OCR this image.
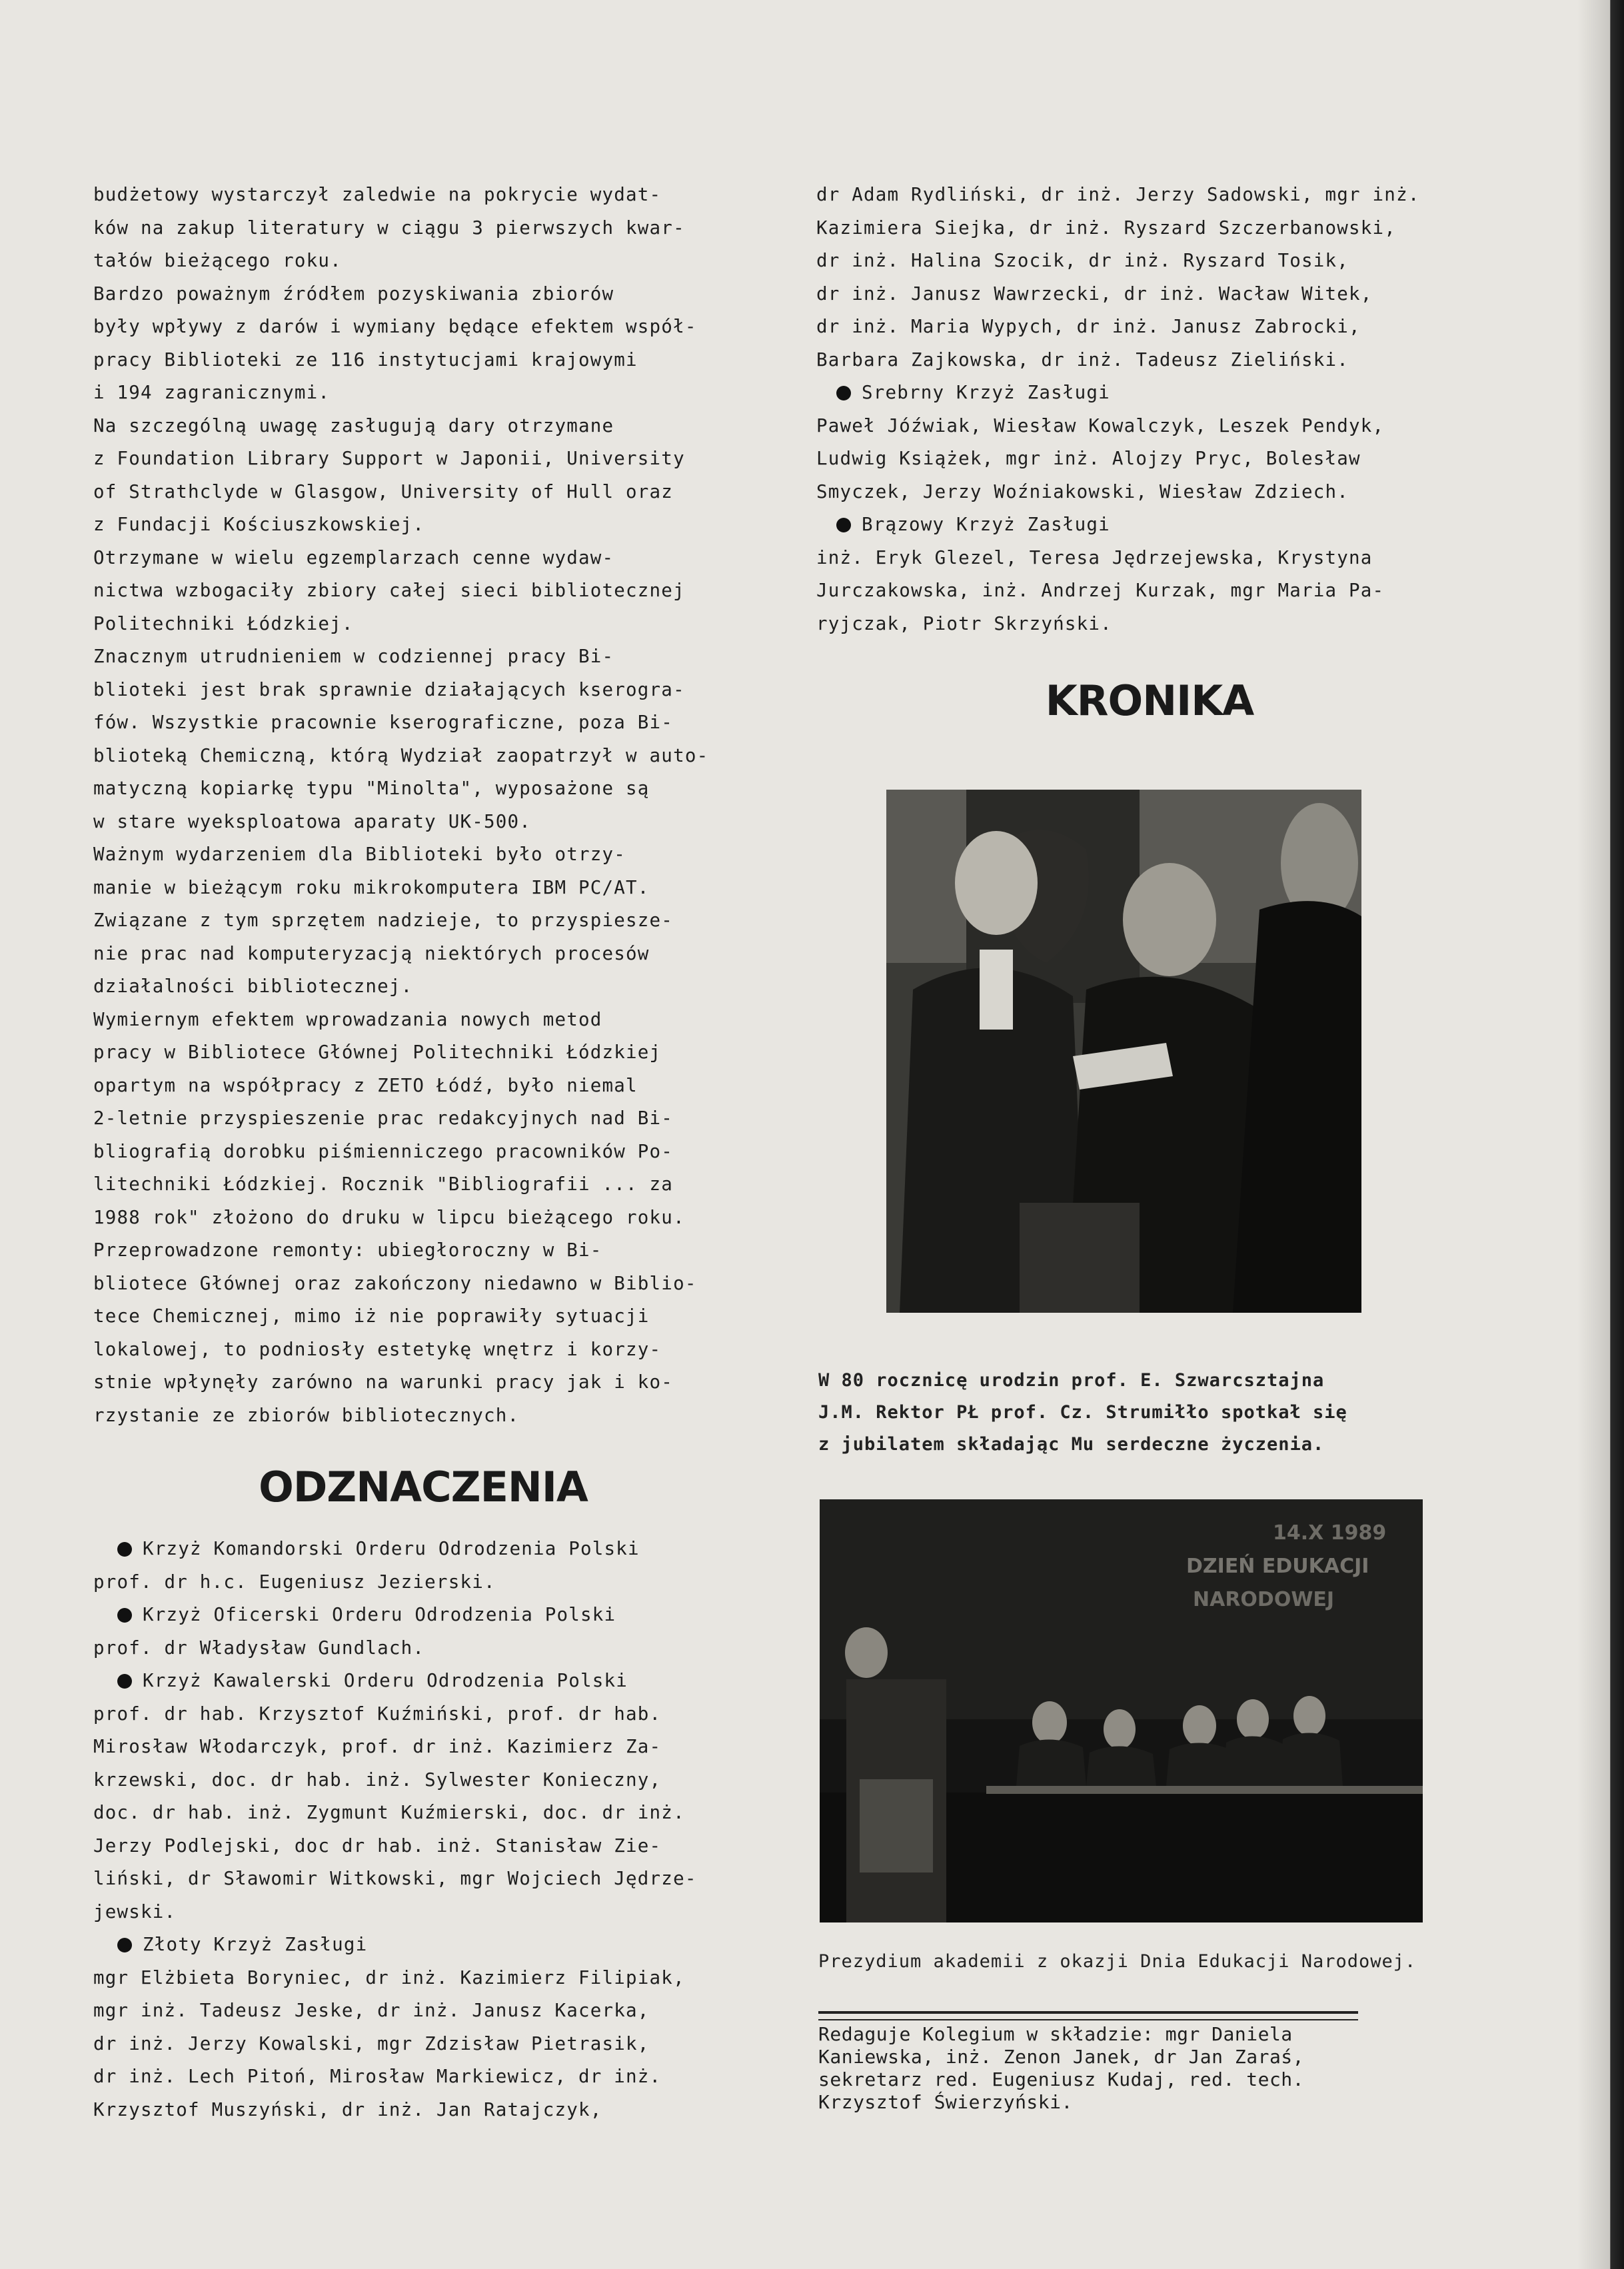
budżetowy wystarczył zaledwie na pokrycie wydat-
ków na zakup literatury w ciągu 3 pierwszych kwar-
tałów bieżącego roku.

Bardzo poważnym źródłem pozyskiwania zbiorów
były wpływy z darów i wymiany będące efektem współ-
pracy Biblioteki ze 116 instytucjami krajowymi
i 194 zagranicznymi.

Na szczególną uwagę zasługują dary otrzymane
z Foundation Library Support w Japonii, University
of Strathclyde w Glasgow, University of Hull oraz
z Fundacji Kościuszkowskiej.

Otrzymane w wielu egzemplarzach cenne wydaw-
nictwa wzbogaciły zbiory całej sieci bibliotecznej
Politechniki Łódzkiej.

Znacznym utrudnieniem w codziennej pracy Bi-
blioteki jest brak sprawnie działających kserogra-
fów. Wszystkie pracownie kserograficzne, poza Bi-
blioteką Chemiczną, którą Wydział zaopatrzył w auto-
matyczną kopiarkę typu "Minolta", wyposażone są
w stare wyeksploatowa aparaty UK-500.

Ważnym wydarzeniem dla Biblioteki było otrzy-
manie w bieżącym roku mikrokomputera IBM PC/AT.
Związane z tym sprzętem nadzieje, to przyspiesze-
nie prac nad komputeryzacją niektórych procesów
działalności bibliotecznej.

Wymiernym efektem wprowadzania nowych metod
pracy w Bibliotece Głównej Politechniki Łódzkiej
opartym na współpracy z ZETO Łódź, było niemal
2-letnie przyspieszenie prac redakcyjnych nad Bi-
bliografią dorobku piśmienniczego pracowników Po-
litechniki Łódzkiej. Rocznik "Bibliografii ... za
1988 rok" złożono do druku w lipcu bieżącego roku.

Przeprowadzone remonty: ubiegłoroczny w Bi-
bliotece Głównej oraz zakończony niedawno w Biblio-
tece Chemicznej, mimo iż nie poprawiły sytuacji
lokalowej, to podniosły estetykę wnętrz i korzy-
stnie wpłynęły zarówno na warunki pracy jak i ko-
rzystanie ze zbiorów bibliotecznych.

ODZNACZENIA
Krzyż Komandorski Orderu Odrodzenia Polski

prof. dr h.c. Eugeniusz Jezierski.

Krzyż Oficerski Orderu Odrodzenia Polski

prof. dr Władysław Gundlach.

Krzyż Kawalerski Orderu Odrodzenia Polski

prof. dr hab. Krzysztof Kuźmiński, prof. dr hab.
Mirosław Włodarczyk, prof. dr inż. Kazimierz Za-
krzewski, doc. dr hab. inż. Sylwester Konieczny,
doc. dr hab. inż. Zygmunt Kuźmierski, doc. dr inż.
Jerzy Podlejski, doc dr hab. inż. Stanisław Zie-
liński, dr Sławomir Witkowski, mgr Wojciech Jędrze-
jewski.

Złoty Krzyż Zasługi

mgr Elżbieta Boryniec, dr inż. Kazimierz Filipiak,
mgr inż. Tadeusz Jeske, dr inż. Janusz Kacerka,
dr inż. Jerzy Kowalski, mgr Zdzisław Pietrasik,
dr inż. Lech Pitoń, Mirosław Markiewicz, dr inż.
Krzysztof Muszyński, dr inż. Jan Ratajczyk,

dr Adam Rydliński, dr inż. Jerzy Sadowski, mgr inż.
Kazimiera Siejka, dr inż. Ryszard Szczerbanowski,
dr inż. Halina Szocik, dr inż. Ryszard Tosik,
dr inż. Janusz Wawrzecki, dr inż. Wacław Witek,
dr inż. Maria Wypych, dr inż. Janusz Zabrocki,
Barbara Zajkowska, dr inż. Tadeusz Zieliński.

Srebrny Krzyż Zasługi

Paweł Jóźwiak, Wiesław Kowalczyk, Leszek Pendyk,
Ludwig Książek, mgr inż. Alojzy Pryc, Bolesław
Smyczek, Jerzy Woźniakowski, Wiesław Zdziech.

Brązowy Krzyż Zasługi

inż. Eryk Glezel, Teresa Jędrzejewska, Krystyna
Jurczakowska, inż. Andrzej Kurzak, mgr Maria Pa-
ryjczak, Piotr Skrzyński.

KRONIKA

W 80 rocznicę urodzin prof. E. Szwarcsztajna
J.M. Rektor PŁ prof. Cz. Strumiłło spotkał się
z jubilatem składając Mu serdeczne życzenia.

14.X 1989
DZIEŃ EDUKACJI
NARODOWEJ

Prezydium akademii z okazji Dnia Edukacji Narodowej.

Redaguje Kolegium w składzie: mgr Daniela
Kaniewska, inż. Zenon Janek, dr Jan Zaraś,
sekretarz red. Eugeniusz Kudaj, red. tech.
Krzysztof Świerzyński.
